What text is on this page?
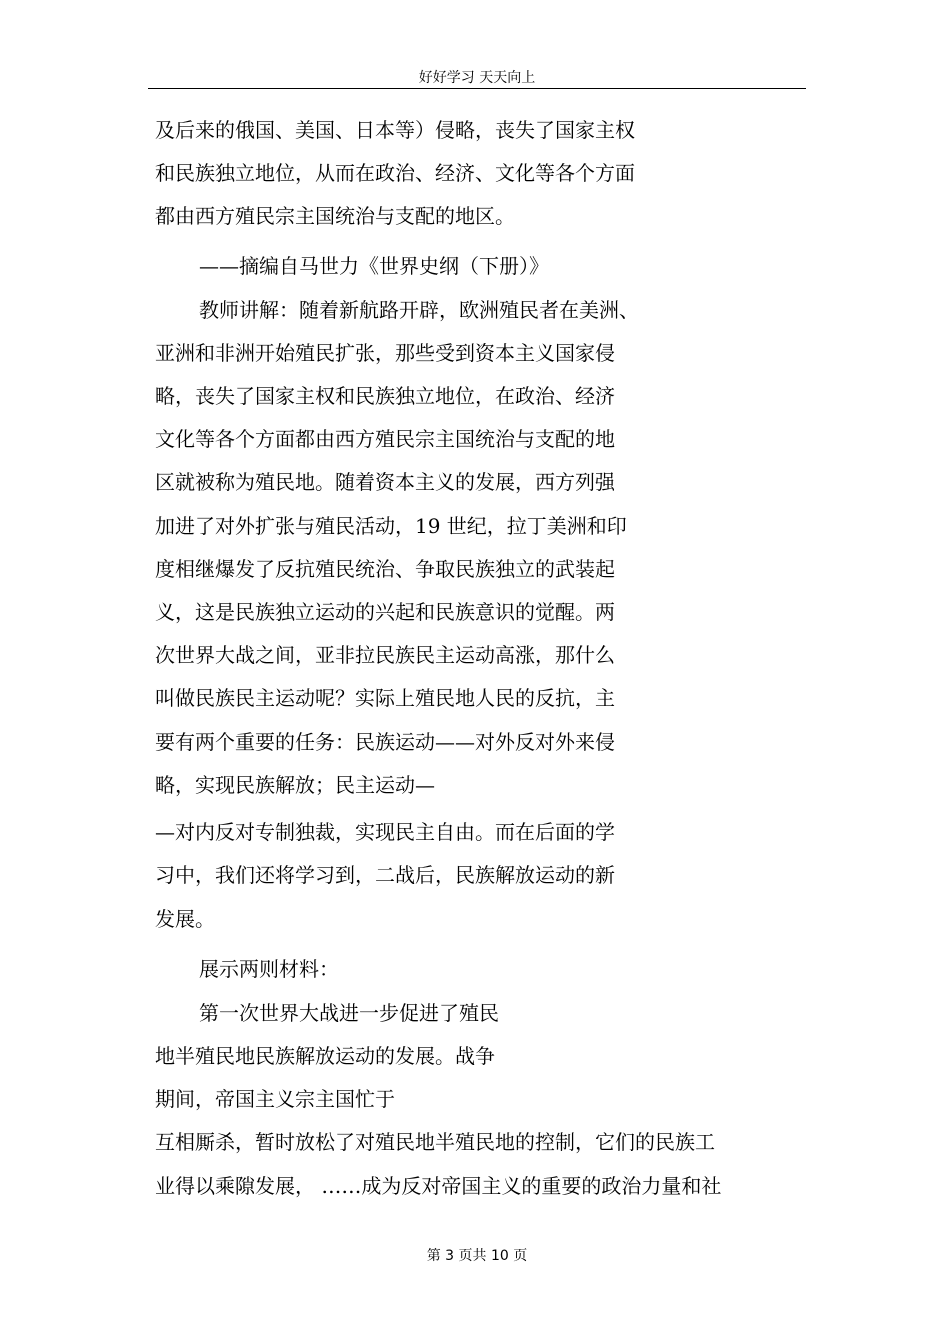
好好学习 天天向上
及后来的俄国、美国、日本等）侵略，丧失了国家主权
和民族独立地位，从而在政治、经济、文化等各个方面
都由西方殖民宗主国统治与支配的地区。
——摘编自马世力《世界史纲（下册）》
教师讲解：随着新航路开辟，欧洲殖民者在美洲、
亚洲和非洲开始殖民扩张，那些受到资本主义国家侵
略，丧失了国家主权和民族独立地位，在政治、经济
文化等各个方面都由西方殖民宗主国统治与支配的地
区就被称为殖民地。随着资本主义的发展，西方列强
加进了对外扩张与殖民活动，19 世纪，拉丁美洲和印
度相继爆发了反抗殖民统治、争取民族独立的武装起
义，这是民族独立运动的兴起和民族意识的觉醒。两
次世界大战之间，亚非拉民族民主运动高涨，那什么
叫做民族民主运动呢？实际上殖民地人民的反抗，主
要有两个重要的任务：民族运动——对外反对外来侵
略，实现民族解放；民主运动—
—对内反对专制独裁，实现民主自由。而在后面的学
习中，我们还将学习到，二战后，民族解放运动的新
发展。
展示两则材料：
第一次世界大战进一步促进了殖民
地半殖民地民族解放运动的发展。战争
期间，帝国主义宗主国忙于
互相厮杀，暂时放松了对殖民地半殖民地的控制，它们的民族工
业得以乘隙发展， ……成为反对帝国主义的重要的政治力量和社
第 3 页共 10 页
